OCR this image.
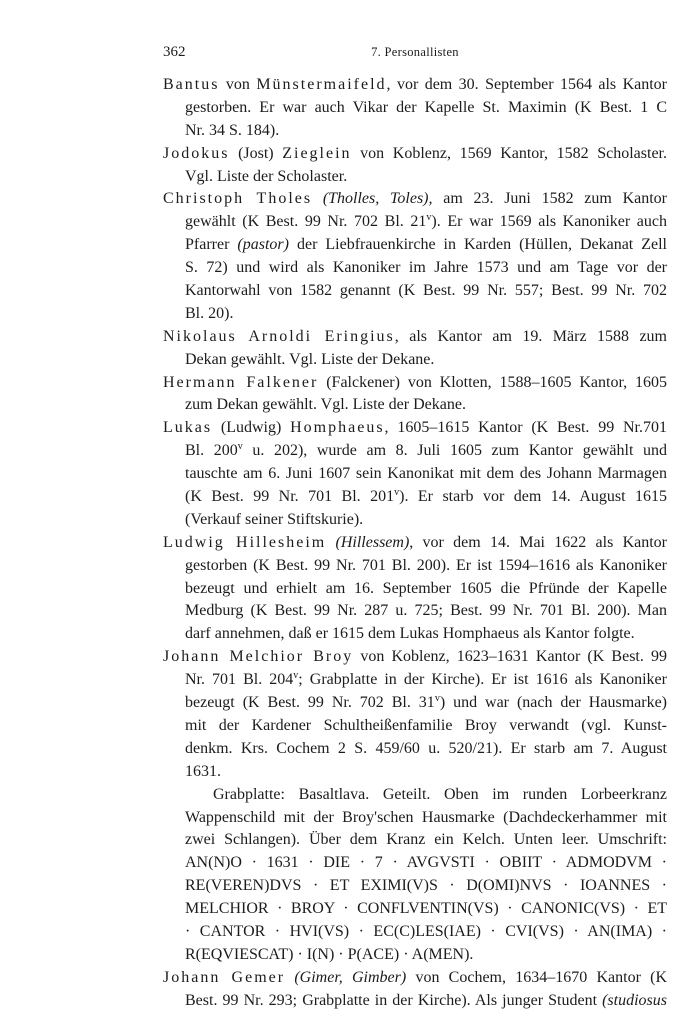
362	7. Personallisten
Bantus von Münstermaifeld, vor dem 30. September 1564 als Kantor
gestorben. Er war auch Vikar der Kapelle St. Maximin (K Best. 1 C
Nr. 34 S. 184).
Jodokus (Jost) Zieglein von Koblenz, 1569 Kantor, 1582 Scholaster.
Vgl. Liste der Scholaster.
Christoph Tholes (Tholles, Toles), am 23. Juni 1582 zum Kantor
gewählt (K Best. 99 Nr. 702 Bl. 21$^v$). Er war 1569 als Kanoniker auch
Pfarrer (pastor) der Liebfrauenkirche in Karden (Hüllen, Dekanat Zell
S. 72) und wird als Kanoniker im Jahre 1573 und am Tage vor der
Kantorwahl von 1582 genannt (K Best. 99 Nr. 557; Best. 99 Nr. 702
Bl. 20).
Nikolaus Arnoldi Eringius, als Kantor am 19. März 1588 zum
Dekan gewählt. Vgl. Liste der Dekane.
Hermann Falkener (Falckener) von Klotten, 1588–1605 Kantor, 1605
zum Dekan gewählt. Vgl. Liste der Dekane.
Lukas (Ludwig) Homphaeus, 1605–1615 Kantor (K Best. 99 Nr.701
Bl. 200$^v$ u. 202), wurde am 8. Juli 1605 zum Kantor gewählt und
tauschte am 6. Juni 1607 sein Kanonikat mit dem des Johann Marmagen
(K Best. 99 Nr. 701 Bl. 201$^v$). Er starb vor dem 14. August 1615
(Verkauf seiner Stiftskurie).
Ludwig Hillesheim (Hillessem), vor dem 14. Mai 1622 als Kantor
gestorben (K Best. 99 Nr. 701 Bl. 200). Er ist 1594–1616 als Kanoniker
bezeugt und erhielt am 16. September 1605 die Pfründe der Kapelle
Medburg (K Best. 99 Nr. 287 u. 725; Best. 99 Nr. 701 Bl. 200). Man
darf annehmen, daß er 1615 dem Lukas Homphaeus als Kantor folgte.
Johann Melchior Broy von Koblenz, 1623–1631 Kantor (K Best. 99
Nr. 701 Bl. 204$^v$; Grabplatte in der Kirche). Er ist 1616 als Kanoniker
bezeugt (K Best. 99 Nr. 702 Bl. 31$^v$) und war (nach der Hausmarke)
mit der Kardener Schultheißenfamilie Broy verwandt (vgl. Kunst-
denkm. Krs. Cochem 2 S. 459/60 u. 520/21). Er starb am 7. August
1631.
Grabplatte: Basaltlava. Geteilt. Oben im runden Lorbeerkranz
Wappenschild mit der Broy'schen Hausmarke (Dachdeckerhammer mit
zwei Schlangen). Über dem Kranz ein Kelch. Unten leer. Umschrift:
AN(N)O · 1631 · DIE · 7 · AVGVSTI · OBIIT · ADMODVM ·
RE(VEREN)DVS · ET EXIMI(V)S · D(OMI)NVS · IOANNES ·
MELCHIOR · BROY · CONFLVENTIN(VS) · CANONIC(VS) · ET
· CANTOR · HVI(VS) · EC(C)LES(IAE) · CVI(VS) · AN(IMA) ·
R(EQVIESCAT) · I(N) · P(ACE) · A(MEN).
Johann Gemer (Gimer, Gimber) von Cochem, 1634–1670 Kantor (K
Best. 99 Nr. 293; Grabplatte in der Kirche). Als junger Student (studiosus
